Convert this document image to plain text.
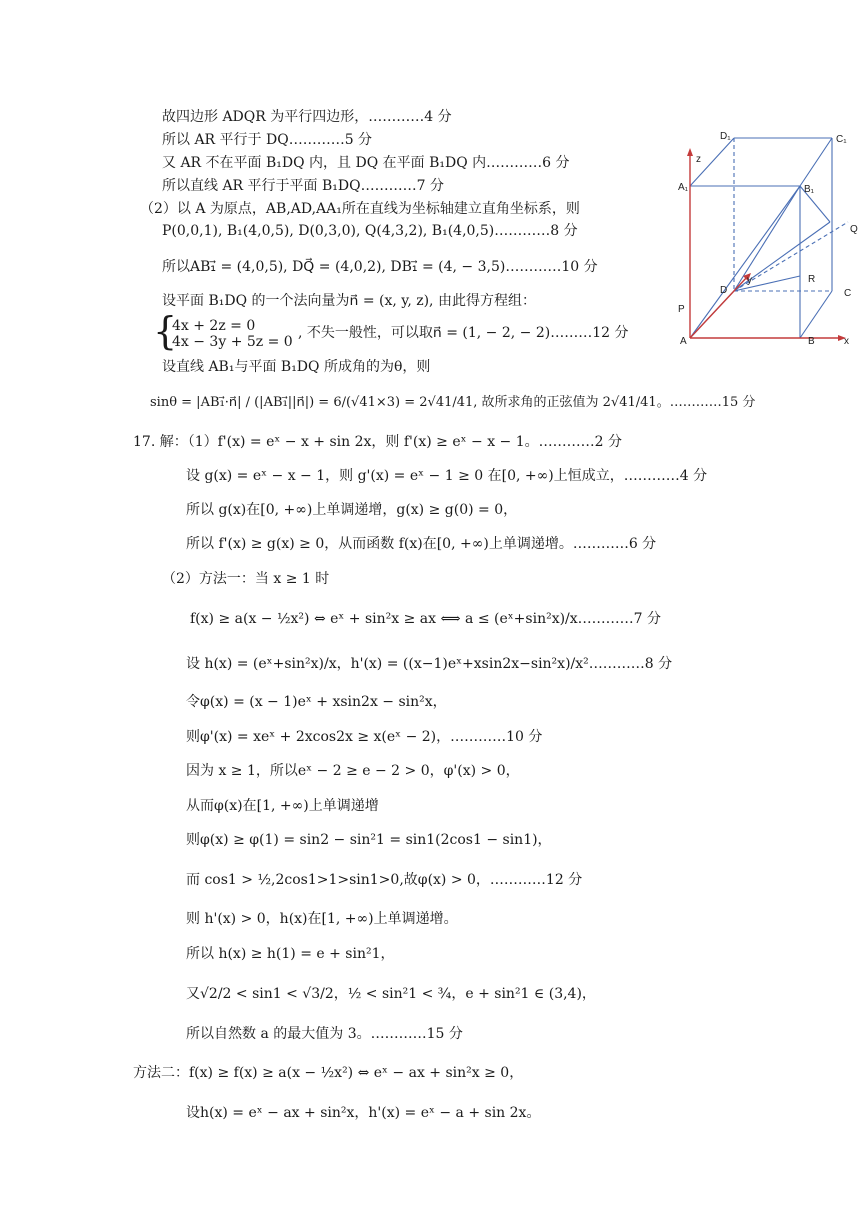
故四边形 ADQR 为平行四边形，…………4 分
所以 AR 平行于 DQ…………5 分
又 AR 不在平面 B₁DQ 内，且 DQ 在平面 B₁DQ 内…………6 分
所以直线 AR 平行于平面 B₁DQ…………7 分
（2）以 A 为原点，AB,AD,AA₁所在直线为坐标轴建立直角坐标系，则
P(0,0,1), B₁(4,0,5), D(0,3,0), Q(4,3,2), B₁(4,0,5)…………8 分
所以AB₁⃗ = (4,0,5), DQ⃗ = (4,0,2), DB₁⃗ = (4, − 3,5)…………10 分
设平面 B₁DQ 的一个法向量为n⃗ = (x, y, z), 由此得方程组：
{
4x + 2z = 0
4x − 3y + 5z = 0
, 不失一般性，可以取n⃗ = (1, − 2, − 2)………12 分
设直线 AB₁与平面 B₁DQ 所成角的为θ，则
sinθ = |AB₁⃗·n⃗| / (|AB₁⃗||n⃗|) = 6/(√41×3) = 2√41/41, 故所求角的正弦值为 2√41/41。…………15 分
17. 解：（1）f'(x) = eˣ − x + sin 2x，则 f'(x) ≥ eˣ − x − 1。…………2 分
设 g(x) = eˣ − x − 1，则 g'(x) = eˣ − 1 ≥ 0 在[0, +∞)上恒成立，…………4 分
所以 g(x)在[0, +∞)上单调递增，g(x) ≥ g(0) = 0，
所以 f'(x) ≥ g(x) ≥ 0，从而函数 f(x)在[0, +∞)上单调递增。…………6 分
（2）方法一：当 x ≥ 1 时
f(x) ≥ a(x − ½x²) ⇔ eˣ + sin²x ≥ ax ⟺ a ≤ (eˣ+sin²x)/x…………7 分
设 h(x) = (eˣ+sin²x)/x，h'(x) = ((x−1)eˣ+xsin2x−sin²x)/x²…………8 分
令φ(x) = (x − 1)eˣ + xsin2x − sin²x，
则φ'(x) = xeˣ + 2xcos2x ≥ x(eˣ − 2)，…………10 分
因为 x ≥ 1，所以eˣ − 2 ≥ e − 2 > 0，φ'(x) > 0，
从而φ(x)在[1, +∞)上单调递增
则φ(x) ≥ φ(1) = sin2 − sin²1 = sin1(2cos1 − sin1)，
而 cos1 > ½,2cos1>1>sin1>0,故φ(x) > 0，…………12 分
则 h'(x) > 0，h(x)在[1, +∞)上单调递增。
所以 h(x) ≥ h(1) = e + sin²1，
又√2/2 < sin1 < √3/2，½ < sin²1 < ¾，e + sin²1 ∈ (3,4)，
所以自然数 a 的最大值为 3。…………15 分
方法二：f(x) ≥ f(x) ≥ a(x − ½x²) ⇔ eˣ − ax + sin²x ≥ 0，
设h(x) = eˣ − ax + sin²x，h'(x) = eˣ − a + sin 2x。
D₁	C₁
z
A₁	B₁
Q
R
D
y
C
P
A	B	x
